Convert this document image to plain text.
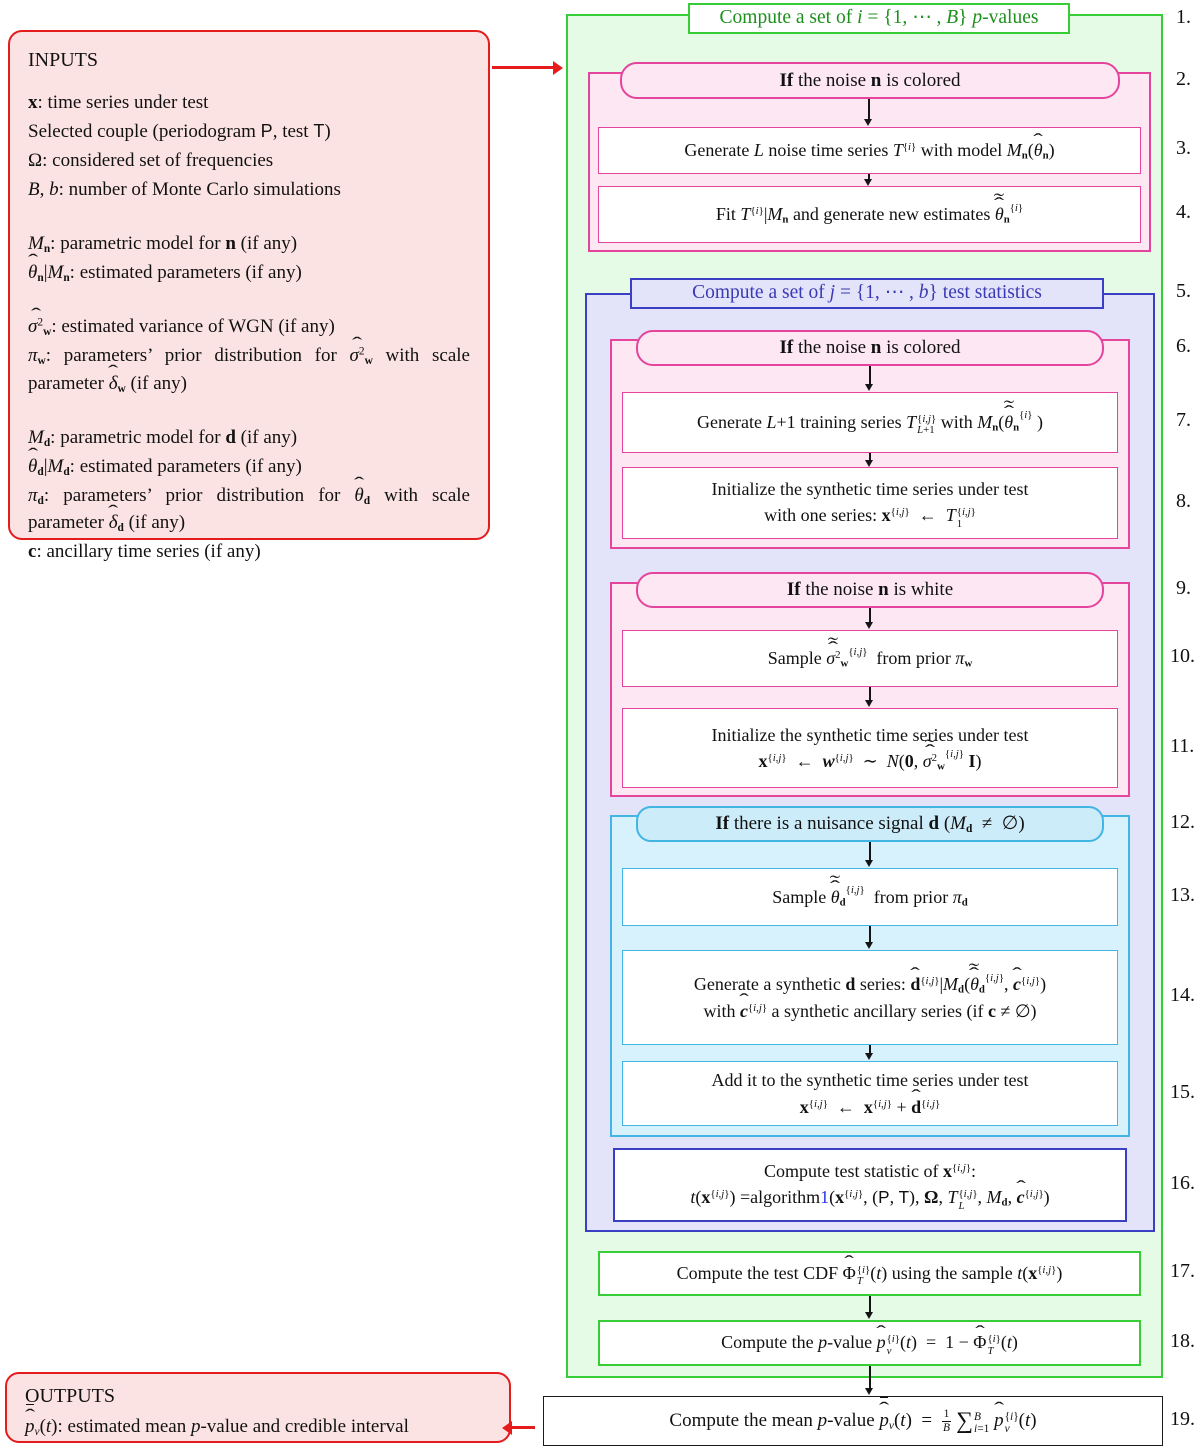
Compute a set of i = {1, ⋯ , B} p-values
If the noise n is colored
Generate L noise time series $T^{\{i\}}$ with model $M_n(\theta$ ˆ$_n$)
Fit $T^{\{i\}}|M_n$ and generate new estimates ˜ θ ˆ$_n^{\{i\}}$
Compute a set of j = {1, ⋯ , b} test statistics
If the noise n is colored
Generate L+1 training series T {i,j}
L+1 with $M_n(˜$ θ ˆ$_n^{\{i\}}$ )
Initialize the synthetic time series under test
with one series: $x^{\{i,j\}}$  ←  T {i,j}
1
If the noise n is white
Sample ˜ $\sigma^2$ ˆ$_w^{\{i,j\}}$  from prior $\pi_w$
Initialize the synthetic time series under test
$x^{\{i,j\}}$  ←  $w^{\{i,j\}}$  ∼  N(0, ˜ $\sigma^2$ ˆ$_w^{\{i,j\}}$ I)
If there is a nuisance signal d ($M_d$  ≠  ∅)
Sample ˜ θ ˆ$_d^{\{i,j\}}$  from prior $\pi_d$
Generate a synthetic d series: d $ˆ^{\{i,j\}}|M_d(˜$ θ ˆ$_d^{\{i,j\}}$, c ˆ$^{\{i,j\}}$)
with c ˆ$^{\{i,j\}}$ a synthetic ancillary series (if c ≠ ∅)
Add it to the synthetic time series under test
$x^{\{i,j\}}$  ←  $x^{\{i,j\}} + d$ ˆ$^{\{i,j\}}$
Compute test statistic of $x^{\{i,j\}}$:
$t(x^{\{i,j\}})$ $=algorithm1(x^{\{i,j\}}$, (P, T), Ω, T {i,j}
L , $M_d$, c ˆ$^{\{i,j\}}$)
Compute the test CDF Φ ˆ {i}
T (t) using the sample $t(x^{\{i,j\}})$
Compute the p-value p ˆ {i}
v (t)  =  1 − Φ ˆ {i}
T (t)
Compute the mean p-value p ˆ$_v$(t)  = $\frac{1}{B}$ ∑ B
i=1 p ˆ {i}
v (t)
1.
2.
3.
4.
5.
6.
7.
8.
9.
10.
11.
12.
13.
14.
15.
16.
17.
18.
19.
INPUTS

x: time series under test

Selected couple (periodogram P, test T)

Ω: considered set of frequencies

B, b: number of Monte Carlo simulations

$M_n$: parametric model for n (if any)

θ $ˆ_n|M_n$: estimated parameters (if any)

$\sigma^2$ ˆ$_w$: estimated variance of WGN (if any)

$\pi_w$: parameters’ prior distribution for $\sigma^2$ ˆ$_w$ with scale parameter δ ˆ$_w$ (if any)

$M_d$: parametric model for d (if any)

θ $ˆ_d|M_d$: estimated parameters (if any)

$\pi_d$: parameters’ prior distribution for θ ˆ$_d$ with scale parameter δ ˆ$_d$ (if any)

c: ancillary time series (if any)

OUTPUTS

p ˆ$_v$(t): estimated mean p-value and credible interval
